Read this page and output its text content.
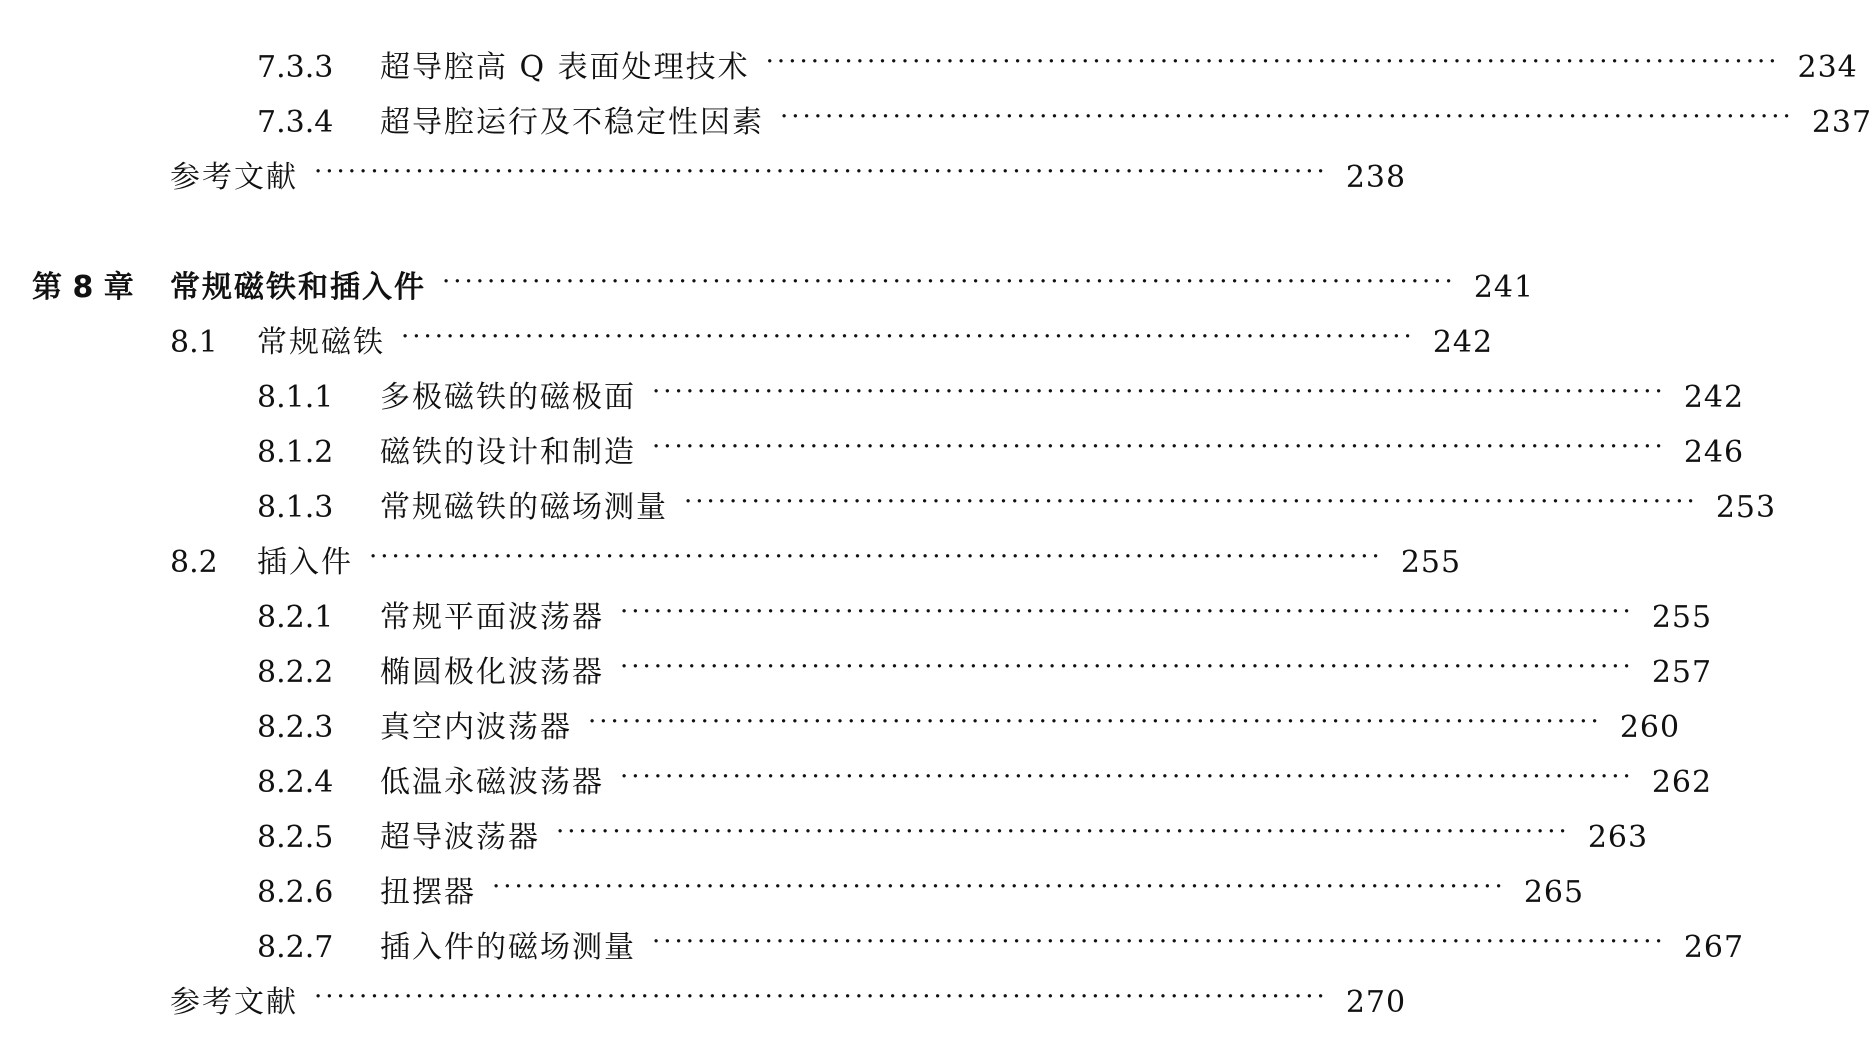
7.3.3 超导腔高 Q 表面处理技术 ·························································································· 234
7.3.4 超导腔运行及不稳定性因素 ·························································································· 237
参考文献 ·························································································· 238
第 8 章 常规磁铁和插入件 ·························································································· 241
8.1 常规磁铁 ·························································································· 242
8.1.1 多极磁铁的磁极面 ·························································································· 242
8.1.2 磁铁的设计和制造 ·························································································· 246
8.1.3 常规磁铁的磁场测量 ·························································································· 253
8.2 插入件 ·························································································· 255
8.2.1 常规平面波荡器 ·························································································· 255
8.2.2 椭圆极化波荡器 ·························································································· 257
8.2.3 真空内波荡器 ·························································································· 260
8.2.4 低温永磁波荡器 ·························································································· 262
8.2.5 超导波荡器 ·························································································· 263
8.2.6 扭摆器 ·························································································· 265
8.2.7 插入件的磁场测量 ·························································································· 267
参考文献 ·························································································· 270
